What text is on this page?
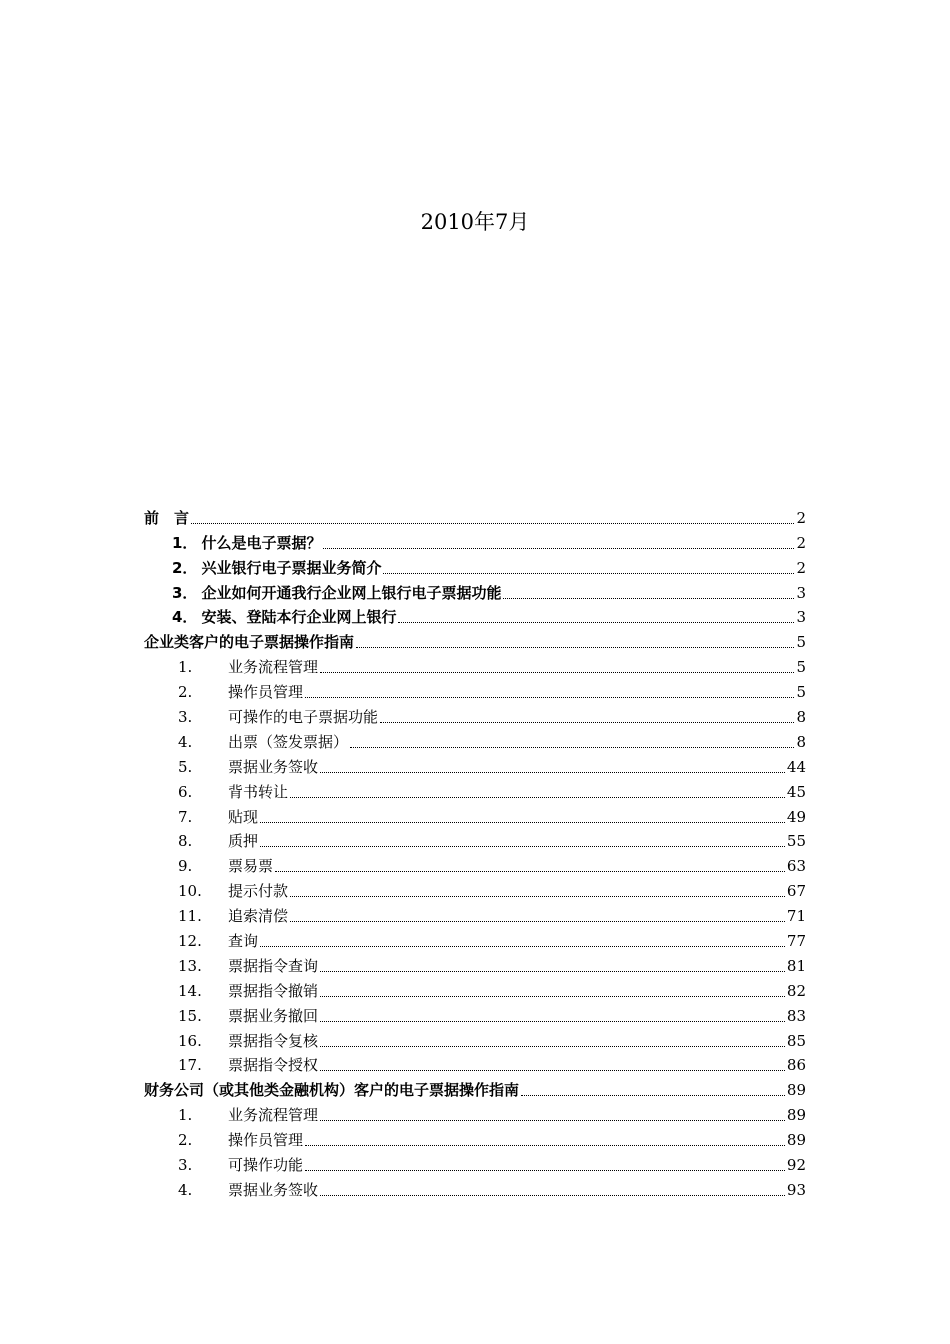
2010年7月
前　言	2
1． 什么是电子票据？	2
2． 兴业银行电子票据业务简介	2
3． 企业如何开通我行企业网上银行电子票据功能	3
4． 安装、登陆本行企业网上银行	3
企业类客户的电子票据操作指南	5
1.	业务流程管理	5
2.	操作员管理	5
3.	可操作的电子票据功能	8
4.	出票（签发票据）	8
5.	票据业务签收	44
6.	背书转让	45
7.	贴现	49
8.	质押	55
9.	票易票	63
10.	提示付款	67
11.	追索清偿	71
12.	查询	77
13.	票据指令查询	81
14.	票据指令撤销	82
15.	票据业务撤回	83
16.	票据指令复核	85
17.	票据指令授权	86
财务公司（或其他类金融机构）客户的电子票据操作指南	89
1.	业务流程管理	89
2.	操作员管理	89
3.	可操作功能	92
4.	票据业务签收	93
